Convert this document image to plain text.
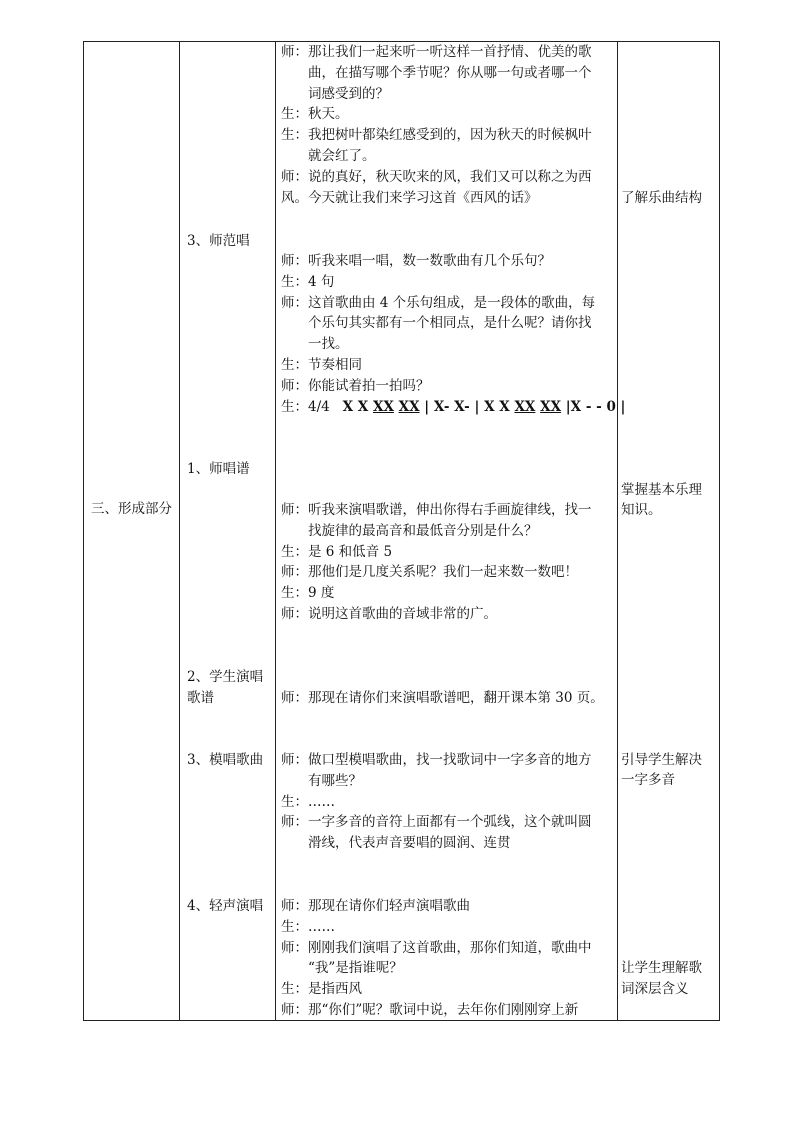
三、形成部分
3、师范唱
1、师唱谱
2、学生演唱
歌谱
3、模唱歌曲
4、轻声演唱
师：那让我们一起来听一听这样一首抒情、优美的歌
曲，在描写哪个季节呢？你从哪一句或者哪一个
词感受到的？
生：秋天。
生：我把树叶都染红感受到的，因为秋天的时候枫叶
就会红了。
师：说的真好，秋天吹来的风，我们又可以称之为西
风。今天就让我们来学习这首《西风的话》
师：听我来唱一唱，数一数歌曲有几个乐句？
生：4 句
师：这首歌曲由 4 个乐句组成，是一段体的歌曲，每
个乐句其实都有一个相同点，是什么呢？请你找
一找。
生：节奏相同
师：你能试着拍一拍吗？
生：4/4 X X XX XX | X- X- | X X XX XX |X - - 0 |
师：听我来演唱歌谱，伸出你得右手画旋律线，找一
找旋律的最高音和最低音分别是什么？
生：是 6 和低音 5
师：那他们是几度关系呢？我们一起来数一数吧！
生：9 度
师：说明这首歌曲的音域非常的广。
师：那现在请你们来演唱歌谱吧，翻开课本第 30 页。
师：做口型模唱歌曲，找一找歌词中一字多音的地方
有哪些？
生：……
师：一字多音的音符上面都有一个弧线，这个就叫圆
滑线，代表声音要唱的圆润、连贯
师：那现在请你们轻声演唱歌曲
生：……
师：刚刚我们演唱了这首歌曲，那你们知道，歌曲中
“我”是指谁呢？
生：是指西风
师：那“你们”呢？歌词中说，去年你们刚刚穿上新
了解乐曲结构
掌握基本乐理
知识。
引导学生解决
一字多音
让学生理解歌
词深层含义
